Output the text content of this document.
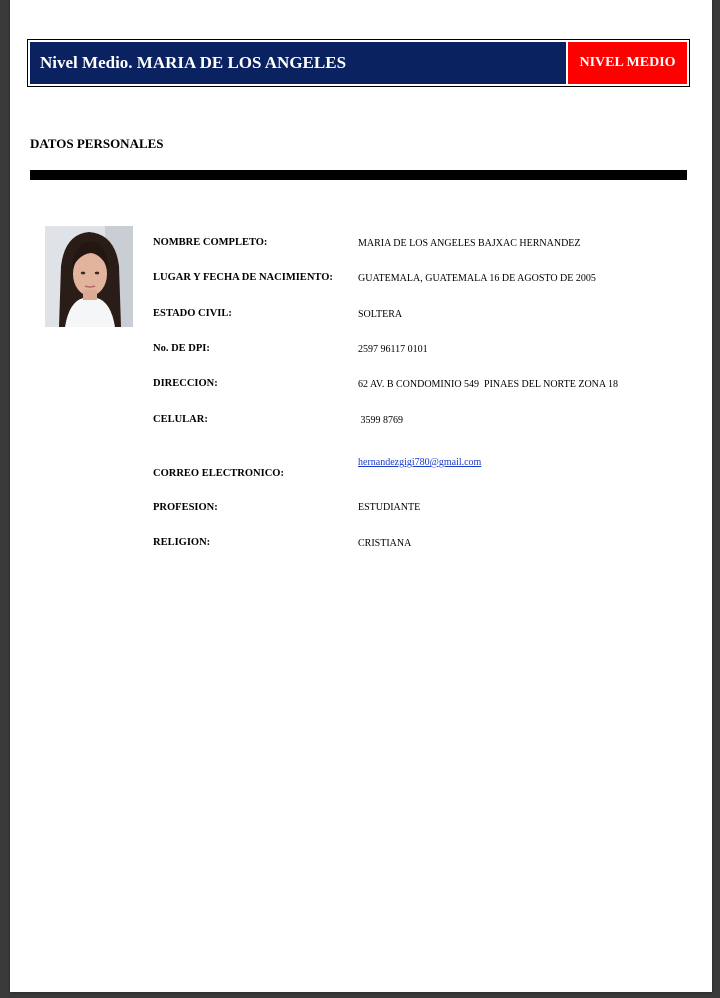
Nivel Medio. MARIA DE LOS ANGELES	NIVEL MEDIO
DATOS PERSONALES
NOMBRE COMPLETO:	MARIA DE LOS ANGELES BAJXAC HERNANDEZ
LUGAR Y FECHA DE NACIMIENTO:	GUATEMALA, GUATEMALA 16 DE AGOSTO DE 2005
ESTADO CIVIL:	SOLTERA
No. DE DPI:	2597 96117 0101
DIRECCION:	62 AV. B CONDOMINIO 549  PINAES DEL NORTE ZONA 18
CELULAR:	3599 8769
CORREO ELECTRONICO:
hernandezgigi780@gmail.com
PROFESION:	ESTUDIANTE
RELIGION:	CRISTIANA
